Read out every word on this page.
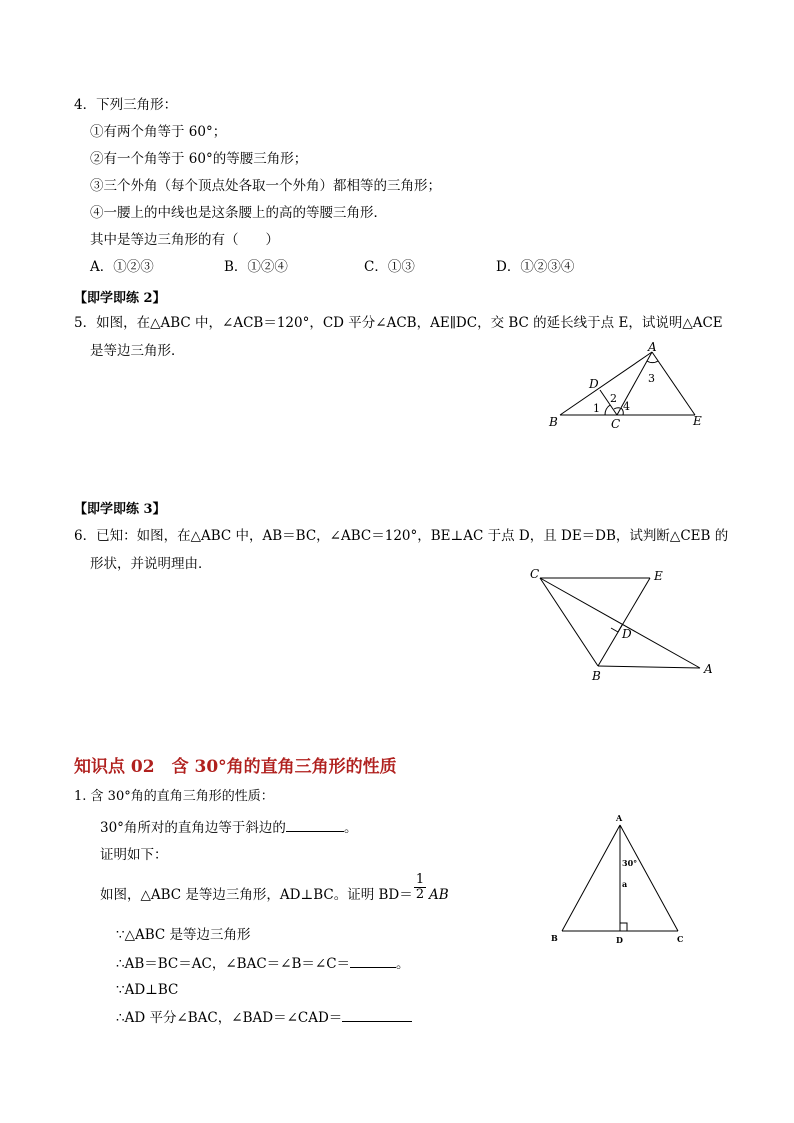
4．下列三角形：
①有两个角等于 60°；
②有一个角等于 60°的等腰三角形；
③三个外角（每个顶点处各取一个外角）都相等的三角形；
④一腰上的中线也是这条腰上的高的等腰三角形．
其中是等边三角形的有（　　）
A．①②③	B．①②④	C．①③	D．①②③④
【即学即练 2】
5．如图，在△ABC 中，∠ACB＝120°，CD 平分∠ACB，AE∥DC，交 BC 的延长线于点 E，试说明△ACE
是等边三角形．	A
B	C
D
E
1
2
3
4
【即学即练 3】
6．已知：如图，在△ABC 中，AB＝BC，∠ABC＝120°，BE⊥AC 于点 D，且 DE＝DB，试判断△CEB 的
形状，并说明理由．
C	E
D
B	A
知识点 02　含 30°角的直角三角形的性质
1. 含 30°角的直角三角形的性质：
30°角所对的直角边等于斜边的	。
证明如下：
如图，△ABC 是等边三角形，AD⊥BC。证明 BD＝
1
2 AB
∵△ABC 是等边三角形
∴AB＝BC＝AC，∠BAC＝∠B＝∠C＝	。
∵AD⊥BC
∴AD 平分∠BAC，∠BAD＝∠CAD＝
A
B	D	C
30°
a
